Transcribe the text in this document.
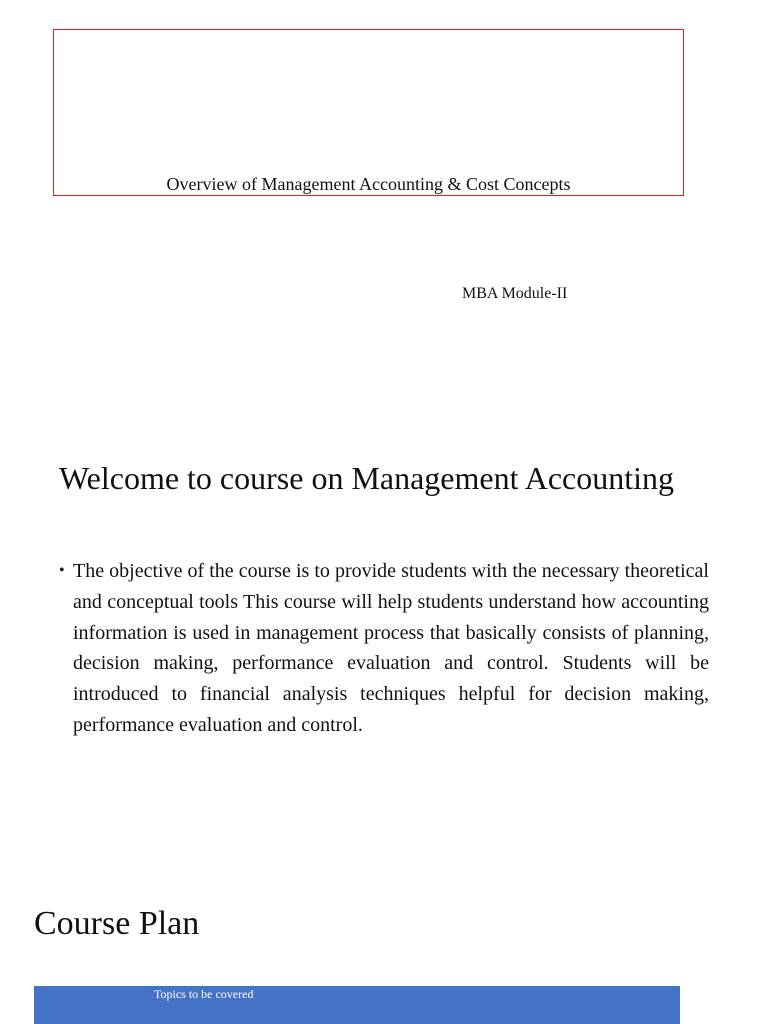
Overview of Management Accounting & Cost Concepts
MBA Module-II
Welcome to course on Management Accounting
• The objective of the course is to provide students with the necessary theoretical and conceptual tools This course will help students understand how accounting information is used in management process that basically consists of planning, decision making, performance evaluation and control. Students will be introduced to financial analysis techniques helpful for decision making, performance evaluation and control.

Course Plan
Topics to be covered
